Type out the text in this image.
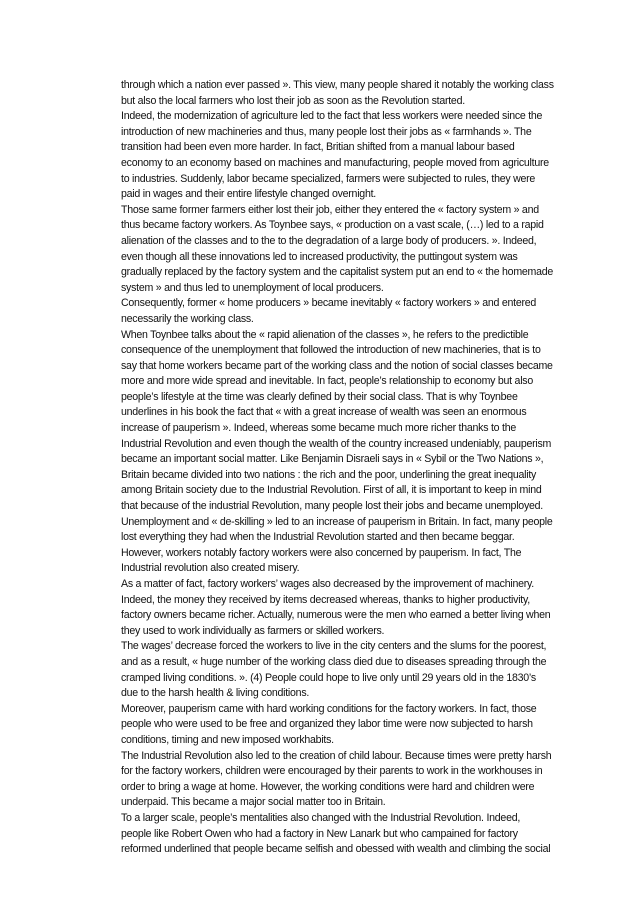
through which a nation ever passed ». This view, many people shared it notably the working class
but also the local farmers who lost their job as soon as the Revolution started.
Indeed, the modernization of agriculture led to the fact that less workers were needed since the
introduction of new machineries and thus, many people lost their jobs as « farmhands ». The
transition had been even more harder. In fact, Britian shifted from a manual labour based
economy to an economy based on machines and manufacturing, people moved from agriculture
to industries. Suddenly, labor became specialized, farmers were subjected to rules, they were
paid in wages and their entire lifestyle changed overnight.
Those same former farmers either lost their job, either they entered the « factory system » and
thus became factory workers. As Toynbee says, « production on a vast scale, (…) led to a rapid
alienation of the classes and to the to the degradation of a large body of producers. ». Indeed,
even though all these innovations led to increased productivity, the puttingout system was
gradually replaced by the factory system and the capitalist system put an end to « the homemade
system » and thus led to unemployment of local producers.
Consequently, former « home producers » became inevitably « factory workers » and entered
necessarily the working class.
When Toynbee talks about the « rapid alienation of the classes », he refers to the predictible
consequence of the unemployment that followed the introduction of new machineries, that is to
say that home workers became part of the working class and the notion of social classes became
more and more wide spread and inevitable. In fact, people’s relationship to economy but also
people’s lifestyle at the time was clearly defined by their social class. That is why Toynbee
underlines in his book the fact that « with a great increase of wealth was seen an enormous
increase of pauperism ». Indeed, whereas some became much more richer thanks to the
Industrial Revolution and even though the wealth of the country increased undeniably, pauperism
became an important social matter. Like Benjamin Disraeli says in « Sybil or the Two Nations »,
Britain became divided into two nations : the rich and the poor, underlining the great inequality
among Britain society due to the Industrial Revolution. First of all, it is important to keep in mind
that because of the industrial Revolution, many people lost their jobs and became unemployed.
Unemployment and « de-skilling » led to an increase of pauperism in Britain. In fact, many people
lost everything they had when the Industrial Revolution started and then became beggar.
However, workers notably factory workers were also concerned by pauperism. In fact, The
Industrial revolution also created misery.
As a matter of fact, factory workers’ wages also decreased by the improvement of machinery.
Indeed, the money they received by items decreased whereas, thanks to higher productivity,
factory owners became richer. Actually, numerous were the men who earned a better living when
they used to work individually as farmers or skilled workers.
The wages’ decrease forced the workers to live in the city centers and the slums for the poorest,
and as a result, « huge number of the working class died due to diseases spreading through the
cramped living conditions. ». (4) People could hope to live only until 29 years old in the 1830’s
due to the harsh health & living conditions.
Moreover, pauperism came with hard working conditions for the factory workers. In fact, those
people who were used to be free and organized they labor time were now subjected to harsh
conditions, timing and new imposed workhabits.
The Industrial Revolution also led to the creation of child labour. Because times were pretty harsh
for the factory workers, children were encouraged by their parents to work in the workhouses in
order to bring a wage at home. However, the working conditions were hard and children were
underpaid. This became a major social matter too in Britain.
To a larger scale, people’s mentalities also changed with the Industrial Revolution. Indeed,
people like Robert Owen who had a factory in New Lanark but who campained for factory
reformed underlined that people became selfish and obessed with wealth and climbing the social
